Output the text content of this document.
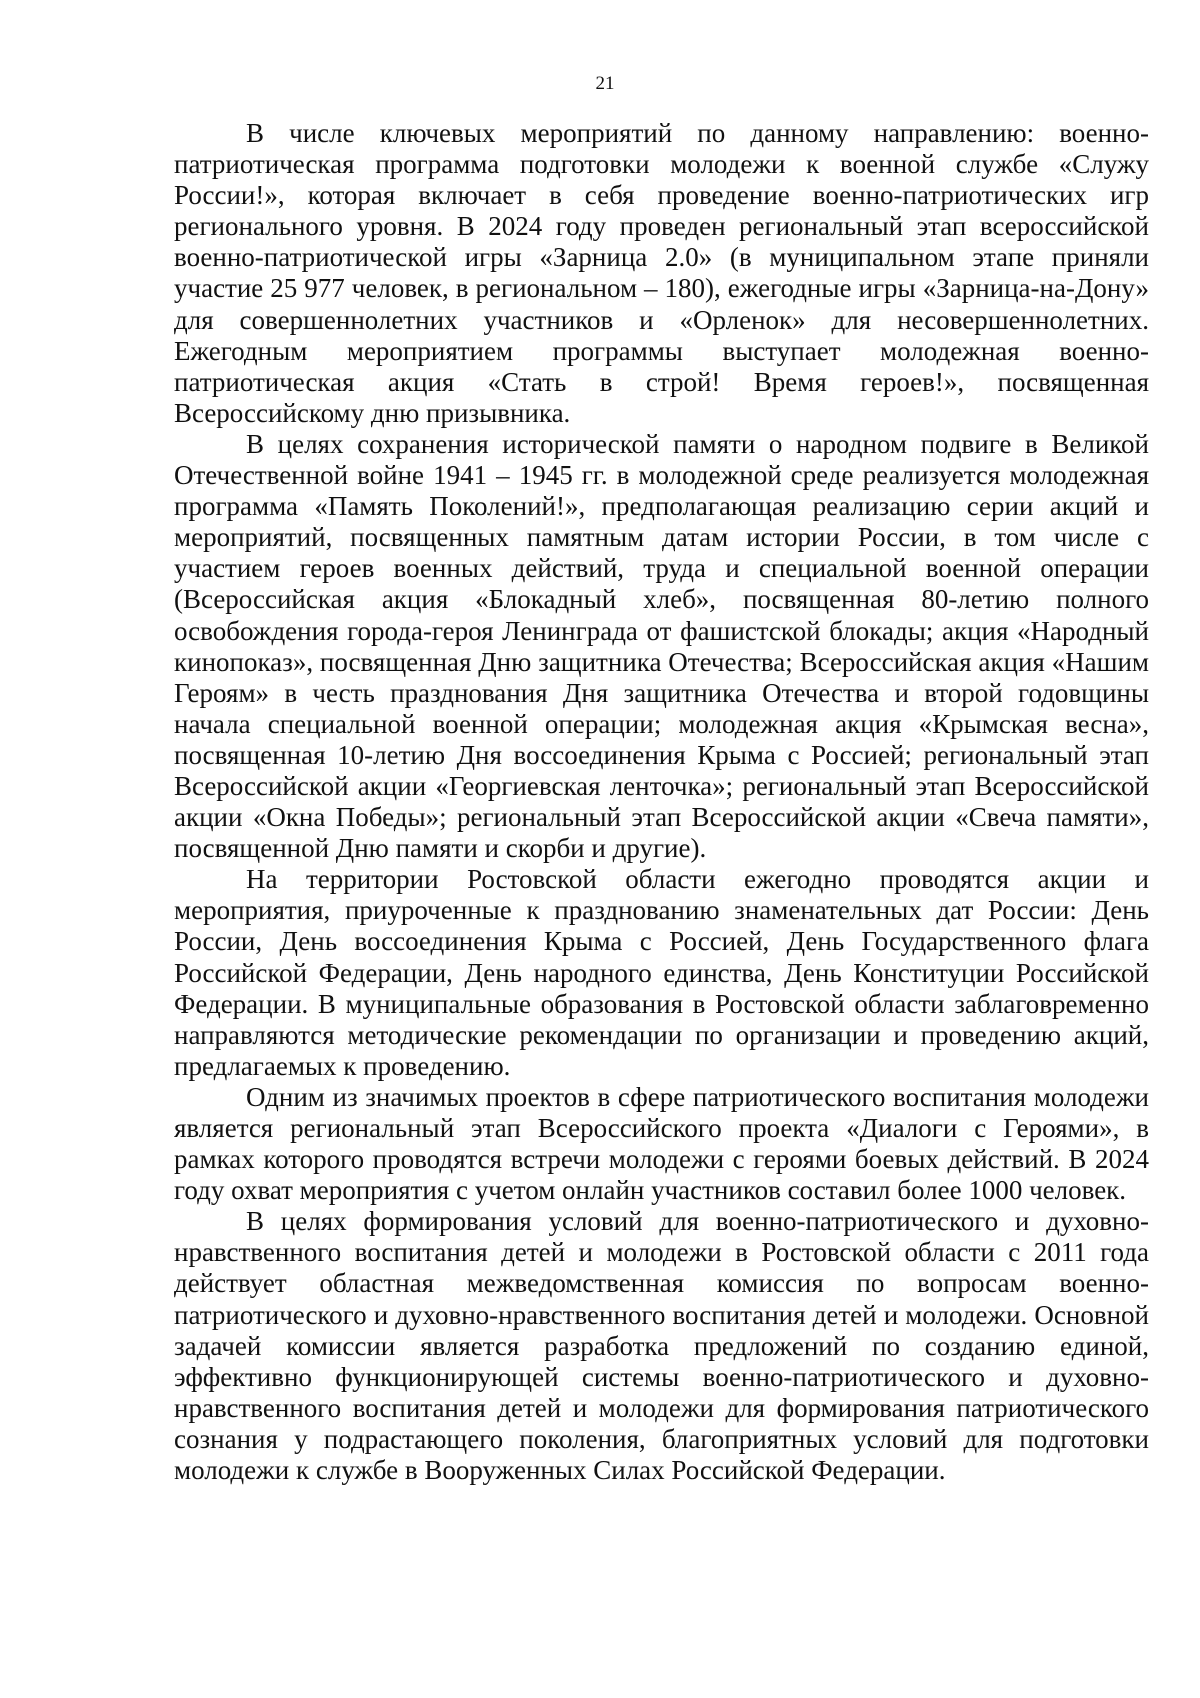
21

В числе ключевых мероприятий по данному направлению: военно-патриотическая программа подготовки молодежи к военной службе «Служу России!», которая включает в себя проведение военно-патриотических игр регионального уровня. В 2024 году проведен региональный этап всероссийской военно-патриотической игры «Зарница 2.0» (в муниципальном этапе приняли участие 25 977 человек, в региональном – 180), ежегодные игры «Зарница-на-Дону» для совершеннолетних участников и «Орленок» для несовершеннолетних. Ежегодным мероприятием программы выступает молодежная военно-патриотическая акция «Стать в строй! Время героев!», посвященная Всероссийскому дню призывника.

В целях сохранения исторической памяти о народном подвиге в Великой Отечественной войне 1941 – 1945 гг. в молодежной среде реализуется молодежная программа «Память Поколений!», предполагающая реализацию серии акций и мероприятий, посвященных памятным датам истории России, в том числе с участием героев военных действий, труда и специальной военной операции (Всероссийская акция «Блокадный хлеб», посвященная 80-летию полного освобождения города-героя Ленинграда от фашистской блокады; акция «Народный кинопоказ», посвященная Дню защитника Отечества; Всероссийская акция «Нашим Героям» в честь празднования Дня защитника Отечества и второй годовщины начала специальной военной операции; молодежная акция «Крымская весна», посвященная 10-летию Дня воссоединения Крыма с Россией; региональный этап Всероссийской акции «Георгиевская ленточка»; региональный этап Всероссийской акции «Окна Победы»; региональный этап Всероссийской акции «Свеча памяти», посвященной Дню памяти и скорби и другие).

На территории Ростовской области ежегодно проводятся акции и мероприятия, приуроченные к празднованию знаменательных дат России: День России, День воссоединения Крыма с Россией, День Государственного флага Российской Федерации, День народного единства, День Конституции Российской Федерации. В муниципальные образования в Ростовской области заблаговременно направляются методические рекомендации по организации и проведению акций, предлагаемых к проведению.

Одним из значимых проектов в сфере патриотического воспитания молодежи является региональный этап Всероссийского проекта «Диалоги с Героями», в рамках которого проводятся встречи молодежи с героями боевых действий. В 2024 году охват мероприятия с учетом онлайн участников составил более 1000 человек.

В целях формирования условий для военно-патриотического и духовно-нравственного воспитания детей и молодежи в Ростовской области с 2011 года действует областная межведомственная комиссия по вопросам военно-патриотического и духовно-нравственного воспитания детей и молодежи. Основной задачей комиссии является разработка предложений по созданию единой, эффективно функционирующей системы военно-патриотического и духовно-нравственного воспитания детей и молодежи для формирования патриотического сознания у подрастающего поколения, благоприятных условий для подготовки молодежи к службе в Вооруженных Силах Российской Федерации.
